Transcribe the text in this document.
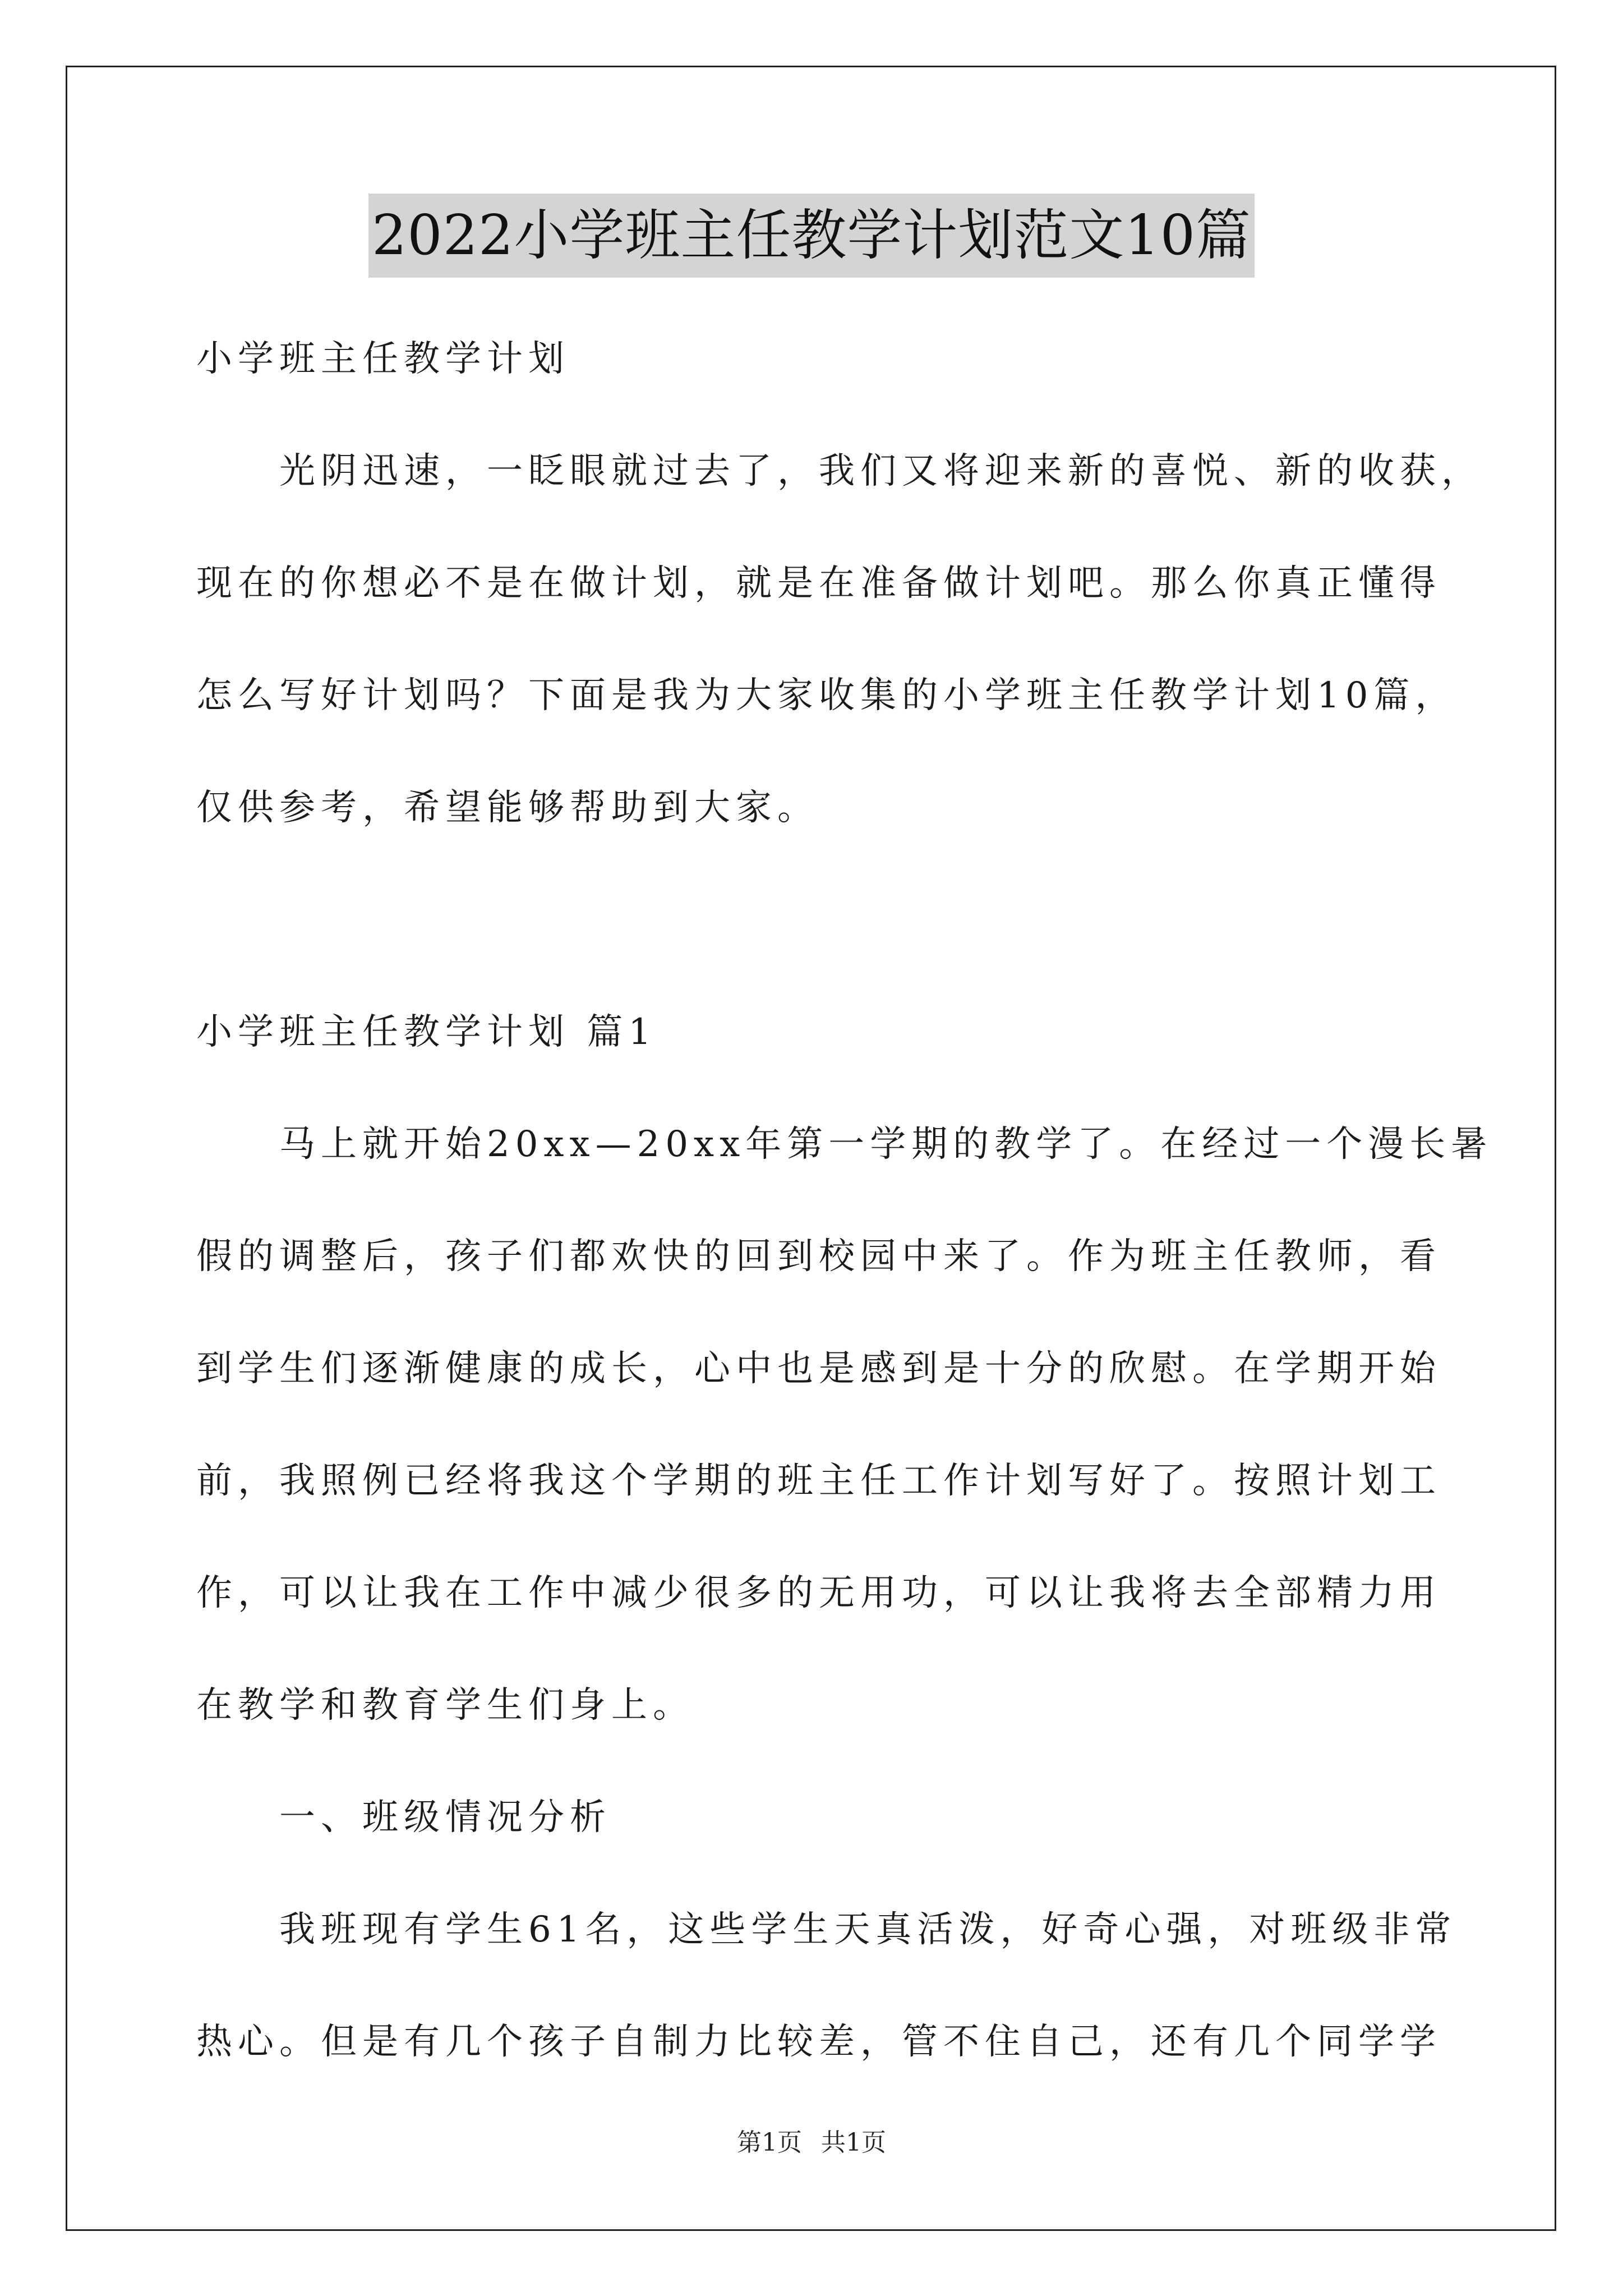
2022小学班主任教学计划范文10篇
小学班主任教学计划
光阴迅速，一眨眼就过去了，我们又将迎来新的喜悦、新的收获，
现在的你想必不是在做计划，就是在准备做计划吧。那么你真正懂得
怎么写好计划吗？下面是我为大家收集的小学班主任教学计划10篇，
仅供参考，希望能够帮助到大家。
小学班主任教学计划 篇1
马上就开始20xx—20xx年第一学期的教学了。在经过一个漫长暑
假的调整后，孩子们都欢快的回到校园中来了。作为班主任教师，看
到学生们逐渐健康的成长，心中也是感到是十分的欣慰。在学期开始
前，我照例已经将我这个学期的班主任工作计划写好了。按照计划工
作，可以让我在工作中减少很多的无用功，可以让我将去全部精力用
在教学和教育学生们身上。
一、班级情况分析
我班现有学生61名，这些学生天真活泼，好奇心强，对班级非常
热心。但是有几个孩子自制力比较差，管不住自己，还有几个同学学
第1页 共1页
